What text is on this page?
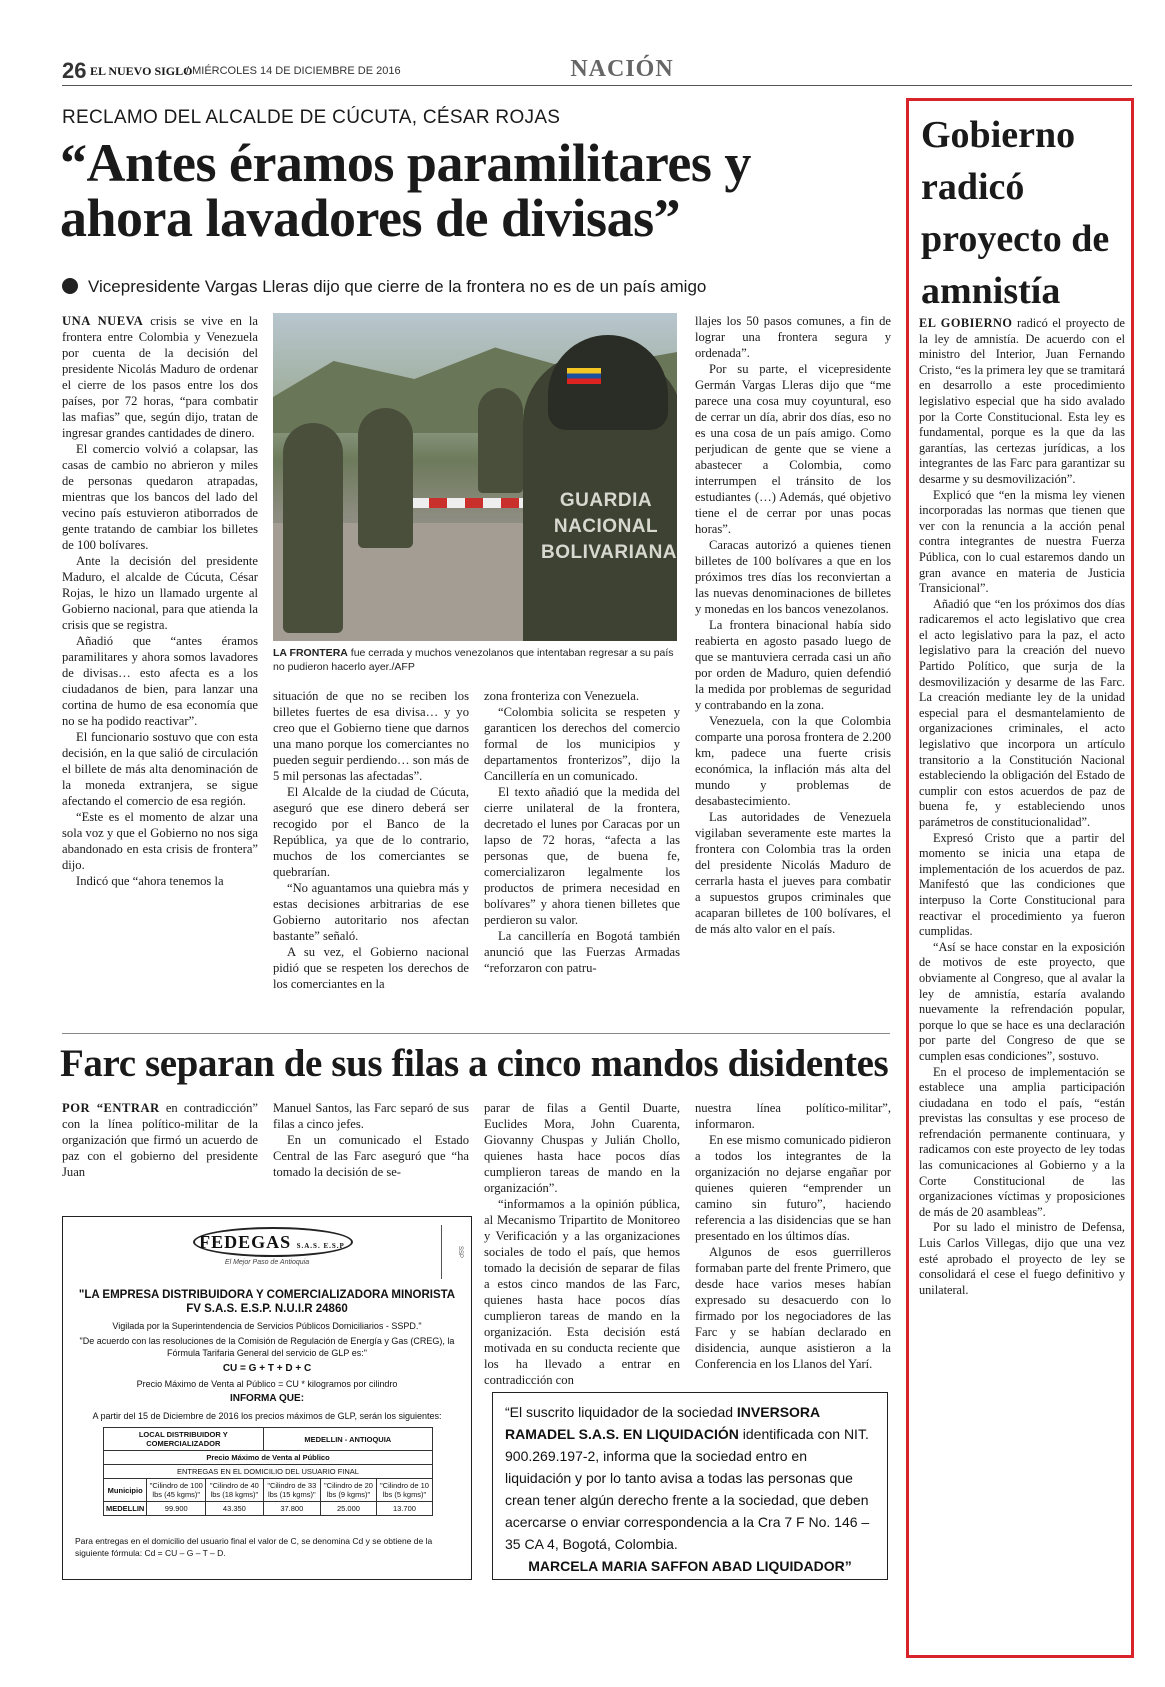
26 EL NUEVO SIGLO
/ MIÉRCOLES 14 DE DICIEMBRE DE 2016	NACIÓN
RECLAMO DEL ALCALDE DE CÚCUTA, CÉSAR ROJAS
“Antes éramos paramilitares y ahora lavadores de divisas”
Vicepresidente Vargas Lleras dijo que cierre de la frontera no es de un país amigo

UNA NUEVA crisis se vive en la frontera entre Colombia y Venezuela por cuenta de la decisión del presidente Nicolás Maduro de ordenar el cierre de los pasos entre los dos países, por 72 horas, “para combatir las mafias” que, según dijo, tratan de ingresar grandes cantidades de dinero.

El comercio volvió a colapsar, las casas de cambio no abrieron y miles de personas quedaron atrapadas, mientras que los bancos del lado del vecino país estuvieron atiborrados de gente tratando de cambiar los billetes de 100 bolívares.

Ante la decisión del presidente Maduro, el alcalde de Cúcuta, César Rojas, le hizo un llamado urgente al Gobierno nacional, para que atienda la crisis que se registra.

Añadió que “antes éramos paramilitares y ahora somos lavadores de divisas… esto afecta es a los ciudadanos de bien, para lanzar una cortina de humo de esa economía que no se ha podido reactivar”.

El funcionario sostuvo que con esta decisión, en la que salió de circulación el billete de más alta denominación de la moneda extranjera, se sigue afectando el comercio de esa región.

“Este es el momento de alzar una sola voz y que el Gobierno no nos siga abandonado en esta crisis de frontera” dijo.

Indicó que “ahora tenemos la

GUARDIA NACIONAL BOLIVARIANA
LA FRONTERA fue cerrada y muchos venezolanos que intentaban regresar a su país no pudieron hacerlo ayer./AFP

situación de que no se reciben los billetes fuertes de esa divisa… y yo creo que el Gobierno tiene que darnos una mano porque los comerciantes no pueden seguir perdiendo… son más de 5 mil personas las afectadas”.

El Alcalde de la ciudad de Cúcuta, aseguró que ese dinero deberá ser recogido por el Banco de la República, ya que de lo contrario, muchos de los comerciantes se quebrarían.

“No aguantamos una quiebra más y estas decisiones arbitrarias de ese Gobierno autoritario nos afectan bastante” señaló.

A su vez, el Gobierno nacional pidió que se respeten los derechos de los comerciantes en la

zona fronteriza con Venezuela.

“Colombia solicita se respeten y garanticen los derechos del comercio formal de los municipios y departamentos fronterizos”, dijo la Cancillería en un comunicado.

El texto añadió que la medida del cierre unilateral de la frontera, decretado el lunes por Caracas por un lapso de 72 horas, “afecta a las personas que, de buena fe, comercializaron legalmente los productos de primera necesidad en bolívares” y ahora tienen billetes que perdieron su valor.

La cancillería en Bogotá también anunció que las Fuerzas Armadas “reforzaron con patru-

llajes los 50 pasos comunes, a fin de lograr una frontera segura y ordenada”.

Por su parte, el vicepresidente Germán Vargas Lleras dijo que “me parece una cosa muy coyuntural, eso de cerrar un día, abrir dos días, eso no es una cosa de un país amigo. Como perjudican de gente que se viene a abastecer a Colombia, como interrumpen el tránsito de los estudiantes (…) Además, qué objetivo tiene el de cerrar por unas pocas horas”.

Caracas autorizó a quienes tienen billetes de 100 bolívares a que en los próximos tres días los reconviertan a las nuevas denominaciones de billetes y monedas en los bancos venezolanos.

La frontera binacional había sido reabierta en agosto pasado luego de que se mantuviera cerrada casi un año por orden de Maduro, quien defendió la medida por problemas de seguridad y contrabando en la zona.

Venezuela, con la que Colombia comparte una porosa frontera de 2.200 km, padece una fuerte crisis económica, la inflación más alta del mundo y problemas de desabastecimiento.

Las autoridades de Venezuela vigilaban severamente este martes la frontera con Colombia tras la orden del presidente Nicolás Maduro de cerrarla hasta el jueves para combatir a supuestos grupos criminales que acaparan billetes de 100 bolívares, el de más alto valor en el país.

Farc separan de sus filas a cinco mandos disidentes

POR “ENTRAR en contradicción” con la línea político-militar de la organización que firmó un acuerdo de paz con el gobierno del presidente Juan

Manuel Santos, las Farc separó de sus filas a cinco jefes.

En un comunicado el Estado Central de las Farc aseguró que “ha tomado la decisión de se-

parar de filas a Gentil Duarte, Euclides Mora, John Cuarenta, Giovanny Chuspas y Julián Chollo, quienes hasta hace pocos días cumplieron tareas de mando en la organización”.

“informamos a la opinión pública, al Mecanismo Tripartito de Monitoreo y Verificación y a las organizaciones sociales de todo el país, que hemos tomado la decisión de separar de filas a estos cinco mandos de las Farc, quienes hasta hace pocos días cumplieron tareas de mando en la organización. Esta decisión está motivada en su conducta reciente que los ha llevado a entrar en contradicción con

nuestra línea político-militar”, informaron.

En ese mismo comunicado pidieron a todos los integrantes de la organización no dejarse engañar por quienes quieren “emprender un camino sin futuro”, haciendo referencia a las disidencias que se han presentado en los últimos días.

Algunos de esos guerrilleros formaban parte del frente Primero, que desde hace varios meses habían expresado su desacuerdo con lo firmado por los negociadores de las Farc y se habían declarado en disidencia, aunque asistieron a la Conferencia en los Llanos del Yarí.

FEDEGAS S.A.S. E.S.P.
El Mejor Paso de Antioquia
SSP
"LA EMPRESA DISTRIBUIDORA Y COMERCIALIZADORA MINORISTA
FV S.A.S. E.S.P. N.U.I.R 24860
Vigilada por la Superintendencia de Servicios Públicos Domiciliarios - SSPD."
"De acuerdo con las resoluciones de la Comisión de Regulación de Energía y Gas (CREG), la Fórmula Tarifaria General del servicio de GLP es:"
CU = G + T + D + C
Precio Máximo de Venta al Público = CU * kilogramos por cilindro
INFORMA QUE:
A partir del 15 de Diciembre de 2016 los precios máximos de GLP, serán los siguientes:
LOCAL DISTRIBUIDOR Y COMERCIALIZADOR			MEDELLIN - ANTIOQUIA		
Precio Máximo de Venta al Público					
ENTREGAS EN EL DOMICILIO DEL USUARIO FINAL					
Municipio	"Cilindro de 100 lbs (45 kgms)"	"Cilindro de 40 lbs (18 kgms)"	"Cilindro de 33 lbs (15 kgms)"	"Cilindro de 20 lbs (9 kgms)"	"Cilindro de 10 lbs (5 kgms)"
MEDELLIN	99.900	43.350	37.800	25.000	13.700
Para entregas en el domicilio del usuario final el valor de C, se denomina Cd y se obtiene de la siguiente fórmula: Cd = CU – G – T – D.
“El suscrito liquidador de la sociedad INVERSORA RAMADEL S.A.S. EN LIQUIDACIÓN identificada con NIT. 900.269.197-2, informa que la sociedad entro en liquidación y por lo tanto avisa a todas las personas que crean tener algún derecho frente a la sociedad, que deben acercarse o enviar correspondencia a la Cra 7 F No. 146 – 35 CA 4, Bogotá, Colombia.
MARCELA MARIA SAFFON ABAD LIQUIDADOR”
Gobierno radicó proyecto de amnistía

EL GOBIERNO radicó el proyecto de la ley de amnistía. De acuerdo con el ministro del Interior, Juan Fernando Cristo, “es la primera ley que se tramitará en desarrollo a este procedimiento legislativo especial que ha sido avalado por la Corte Constitucional. Esta ley es fundamental, porque es la que da las garantías, las certezas jurídicas, a los integrantes de las Farc para garantizar su desarme y su desmovilización”.

Explicó que “en la misma ley vienen incorporadas las normas que tienen que ver con la renuncia a la acción penal contra integrantes de nuestra Fuerza Pública, con lo cual estaremos dando un gran avance en materia de Justicia Transicional”.

Añadió que “en los próximos dos días radicaremos el acto legislativo que crea el acto legislativo para la paz, el acto legislativo para la creación del nuevo Partido Político, que surja de la desmovilización y desarme de las Farc. La creación mediante ley de la unidad especial para el desmantelamiento de organizaciones criminales, el acto legislativo que incorpora un artículo transitorio a la Constitución Nacional estableciendo la obligación del Estado de cumplir con estos acuerdos de paz de buena fe, y estableciendo unos parámetros de constitucionalidad”.

Expresó Cristo que a partir del momento se inicia una etapa de implementación de los acuerdos de paz. Manifestó que las condiciones que interpuso la Corte Constitucional para reactivar el procedimiento ya fueron cumplidas.

“Así se hace constar en la exposición de motivos de este proyecto, que obviamente al Congreso, que al avalar la ley de amnistía, estaría avalando nuevamente la refrendación popular, porque lo que se hace es una declaración por parte del Congreso de que se cumplen esas condiciones”, sostuvo.

En el proceso de implementación se establece una amplia participación ciudadana en todo el país, “están previstas las consultas y ese proceso de refrendación permanente continuara, y radicamos con este proyecto de ley todas las comunicaciones al Gobierno y a la Corte Constitucional de las organizaciones víctimas y proposiciones de más de 20 asambleas”.

Por su lado el ministro de Defensa, Luis Carlos Villegas, dijo que una vez esté aprobado el proyecto de ley se consolidará el cese el fuego definitivo y unilateral.
